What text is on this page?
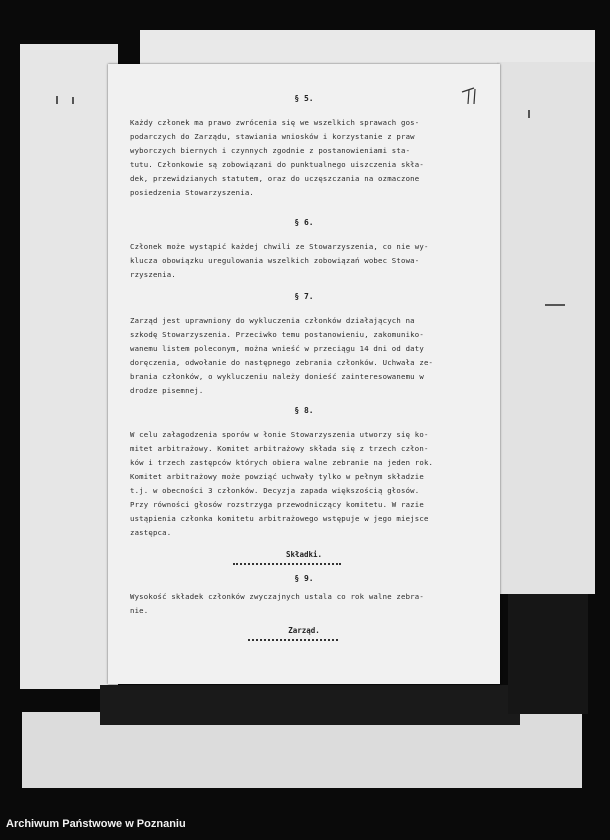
§ 5.
Każdy członek ma prawo zwrócenia się we wszelkich sprawach gos-
podarczych do Zarządu, stawiania wniosków i korzystanie z praw
wyborczych biernych i czynnych zgodnie z postanowieniami sta-
tutu. Członkowie są zobowiązani do punktualnego uiszczenia skła-
dek, przewidzianych statutem, oraz do uczęszczania na ozmaczone
posiedzenia Stowarzyszenia.
§ 6.
Członek może wystąpić każdej chwili ze Stowarzyszenia, co nie wy-
klucza obowiązku uregulowania wszelkich zobowiązań wobec Stowa-
rzyszenia.
§ 7.
Zarząd jest uprawniony do wykluczenia członków działających na
szkodę Stowarzyszenia. Przeciwko temu postanowieniu, zakomuniko-
wanemu listem poleconym, można wnieść w przeciągu 14 dni od daty
doręczenia, odwołanie do następnego zebrania członków. Uchwała ze-
brania członków, o wykluczeniu należy donieść zainteresowanemu w
drodze pisemnej.
§ 8.
W celu załagodzenia sporów w łonie Stowarzyszenia utworzy się ko-
mitet arbitrażowy. Komitet arbitrażowy składa się z trzech człon-
ków i trzech zastępców których obiera walne zebranie na jeden rok.
Komitet arbitrażowy może powziąć uchwały tylko w pełnym składzie
t.j. w obecności 3 członków. Decyzja zapada większością głosów.
Przy równości głosów rozstrzyga przewodniczący komitetu. W razie
ustąpienia członka komitetu arbitrażowego wstępuje w jego miejsce
zastępca.
Składki.
§ 9.
Wysokość składek członków zwyczajnych ustala co rok walne zebra-
nie.
Zarząd.
Archiwum Państwowe w Poznaniu
